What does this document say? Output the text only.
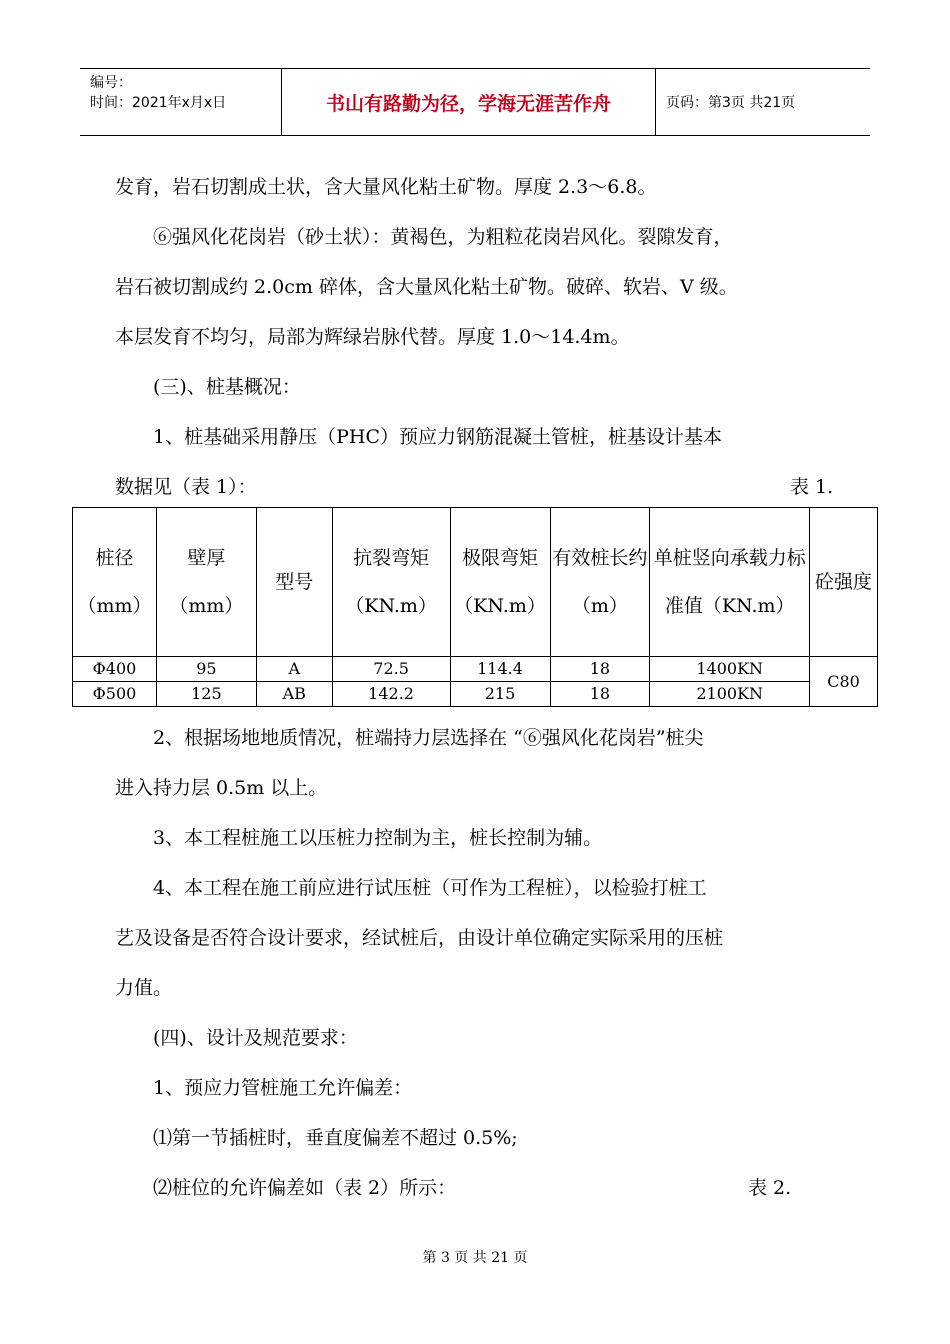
编号：
时间：2021年x月x日	书山有路勤为径，学海无涯苦作舟	页码：第3页 共21页
发育，岩石切割成土状，含大量风化粘土矿物。厚度 2.3～6.8。
　　⑥强风化花岗岩（砂土状）：黄褐色，为粗粒花岗岩风化。裂隙发育，
岩石被切割成约 2.0cm 碎体，含大量风化粘土矿物。破碎、软岩、V 级。
本层发育不均匀，局部为辉绿岩脉代替。厚度 1.0～14.4m。
　　(三)、桩基概况：
　　1、桩基础采用静压（PHC）预应力钢筋混凝土管桩，桩基设计基本
数据见（表 1）：	表 1.
桩径（mm）	壁厚（mm）	型号	抗裂弯矩（KN.m）	极限弯矩（KN.m）	有效桩长约（m）	单桩竖向承载力标准值（KN.m）	砼强度
Φ400	95	A	72.5	114.4	18	1400KN	C80
Φ500	125	AB	142.2	215	18	2100KN	
　　2、根据场地地质情况，桩端持力层选择在 “⑥强风化花岗岩”桩尖
进入持力层 0.5m 以上。
　　3、本工程桩施工以压桩力控制为主，桩长控制为辅。
　　4、本工程在施工前应进行试压桩（可作为工程桩），以检验打桩工
艺及设备是否符合设计要求，经试桩后，由设计单位确定实际采用的压桩
力值。
　　(四)、设计及规范要求：
　　1、预应力管桩施工允许偏差：
　　⑴第一节插桩时，垂直度偏差不超过 0.5%;
　　⑵桩位的允许偏差如（表 2）所示：	表 2.
第 3 页 共 21 页
